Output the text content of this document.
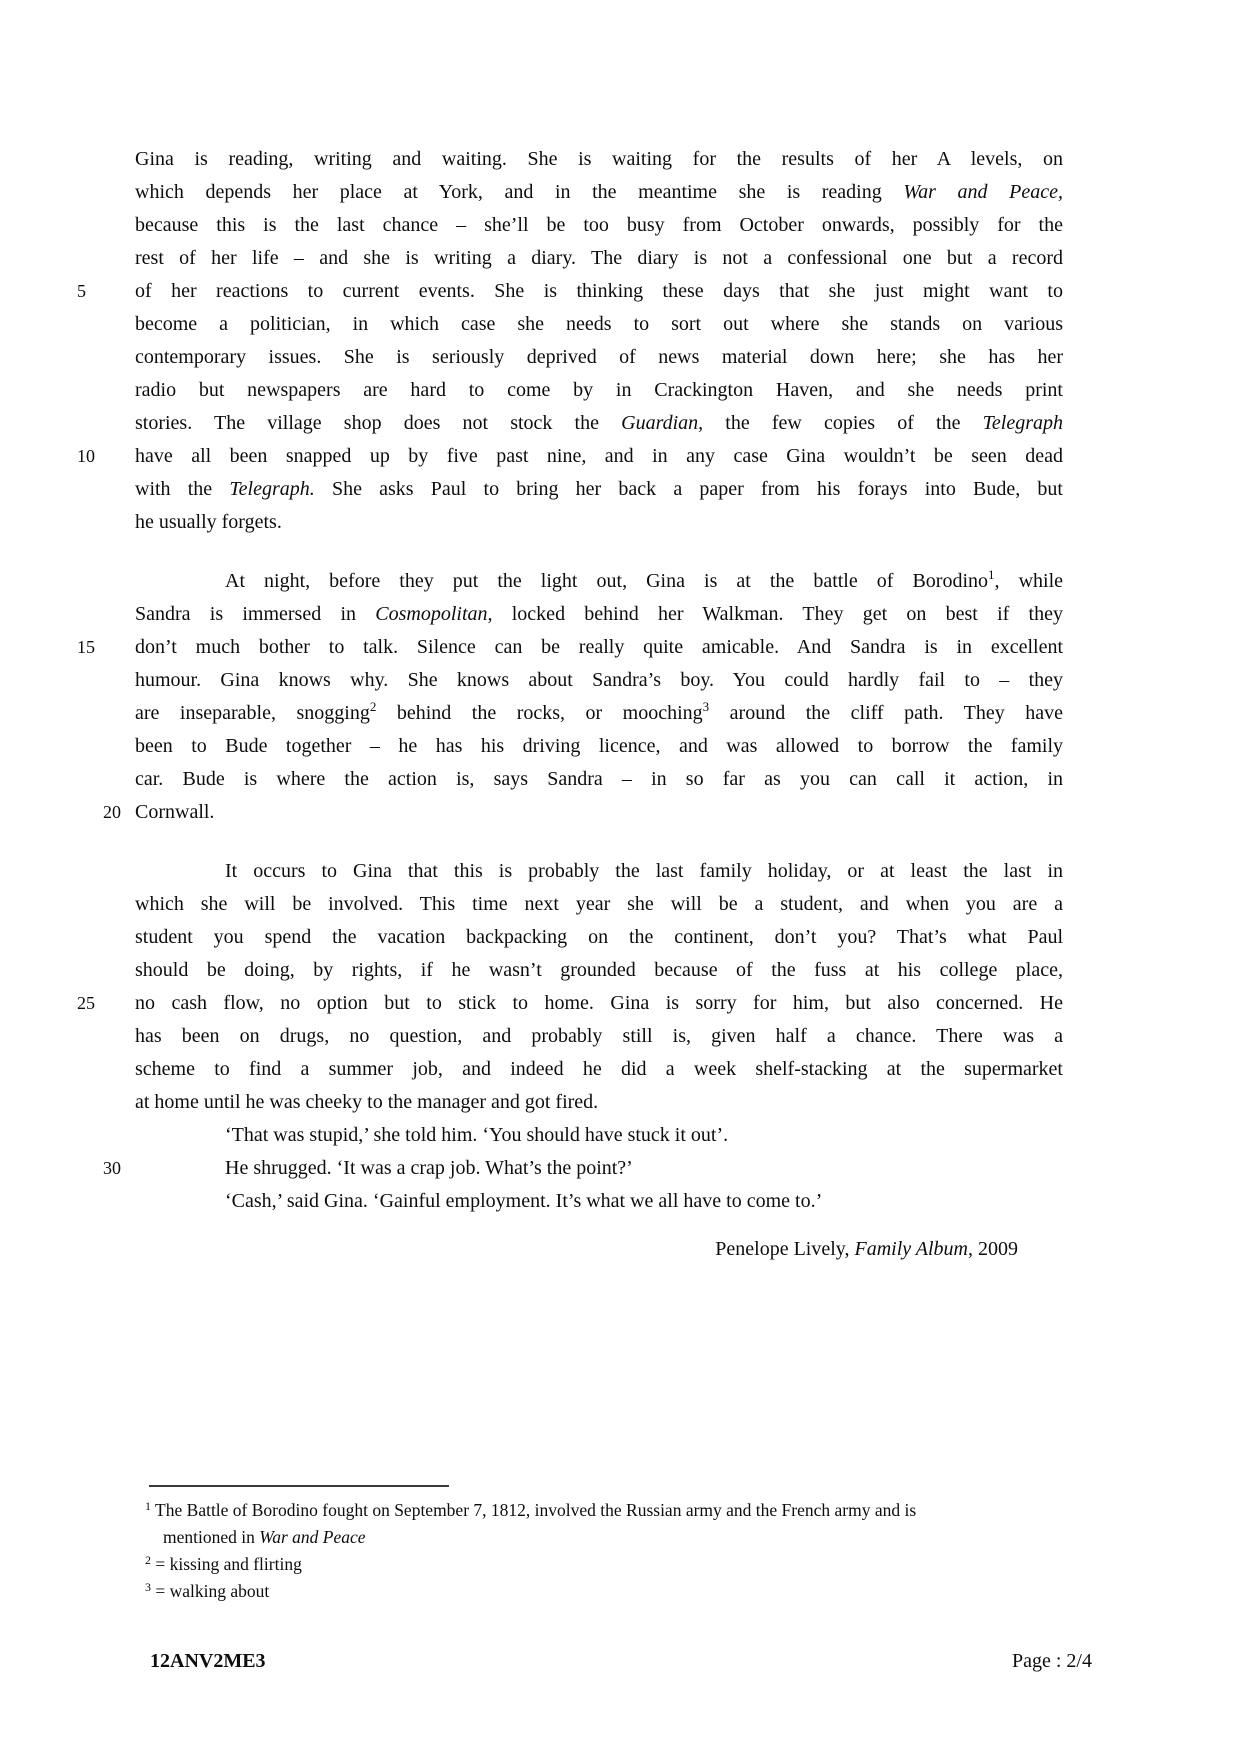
Gina is reading, writing and waiting. She is waiting for the results of her A levels, on
which depends her place at York, and in the meantime she is reading War and Peace,
because this is the last chance – she’ll be too busy from October onwards, possibly for the
rest of her life – and she is writing a diary. The diary is not a confessional one but a record
5	of her reactions to current events. She is thinking these days that she just might want to
become a politician, in which case she needs to sort out where she stands on various
contemporary issues. She is seriously deprived of news material down here; she has her
radio but newspapers are hard to come by in Crackington Haven, and she needs print
stories. The village shop does not stock the Guardian, the few copies of the Telegraph
10	have all been snapped up by five past nine, and in any case Gina wouldn’t be seen dead
with the Telegraph. She asks Paul to bring her back a paper from his forays into Bude, but
he usually forgets.
At night, before they put the light out, Gina is at the battle of Borodino$^1$, while
Sandra is immersed in Cosmopolitan, locked behind her Walkman. They get on best if they
15	don’t much bother to talk. Silence can be really quite amicable. And Sandra is in excellent
humour. Gina knows why. She knows about Sandra’s boy. You could hardly fail to – they
are inseparable, snogging$^2$ behind the rocks, or mooching$^3$ around the cliff path. They have
been to Bude together – he has his driving licence, and was allowed to borrow the family
car. Bude is where the action is, says Sandra – in so far as you can call it action, in
20 Cornwall.
It occurs to Gina that this is probably the last family holiday, or at least the last in
which she will be involved. This time next year she will be a student, and when you are a
student you spend the vacation backpacking on the continent, don’t you? That’s what Paul
should be doing, by rights, if he wasn’t grounded because of the fuss at his college place,
25	no cash flow, no option but to stick to home. Gina is sorry for him, but also concerned. He
has been on drugs, no question, and probably still is, given half a chance. There was a
scheme to find a summer job, and indeed he did a week shelf-stacking at the supermarket
at home until he was cheeky to the manager and got fired.
‘That was stupid,’ she told him. ‘You should have stuck it out’.
30	He shrugged. ‘It was a crap job. What’s the point?’
‘Cash,’ said Gina. ‘Gainful employment. It’s what we all have to come to.’
Penelope Lively, Family Album, 2009
$^1$ The Battle of Borodino fought on September 7, 1812, involved the Russian army and the French army and is
mentioned in War and Peace
$^2$ = kissing and flirting
$^3$ = walking about
12ANV2ME3	Page : 2/4
